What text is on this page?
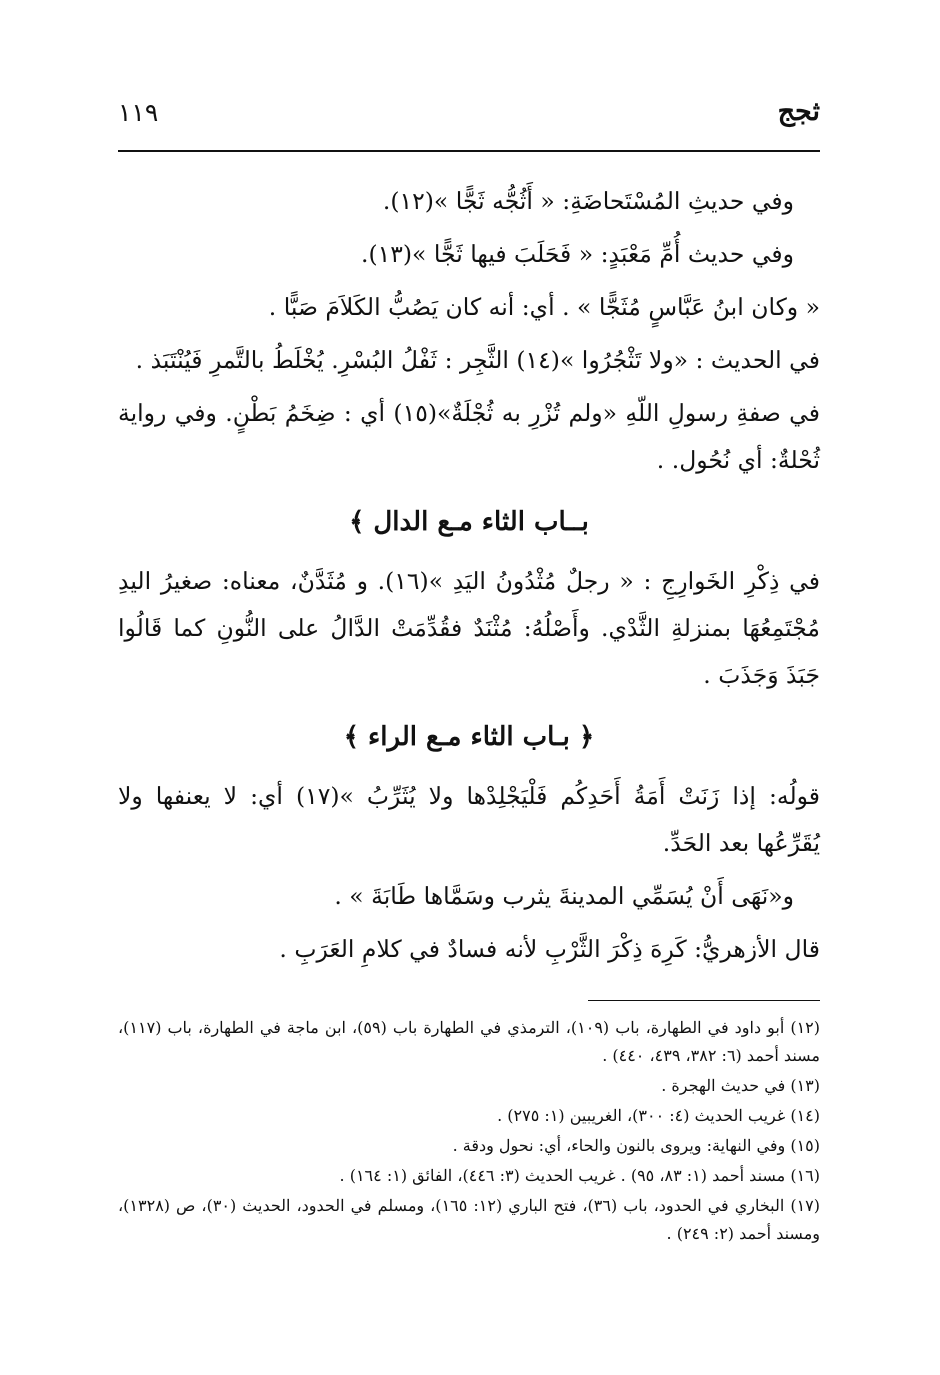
ثجج
١١٩

وفي حديثِ المُسْتَحاضَةِ: « أَثُجُّه ثَجًّا »(١٢).

وفي حديث أُمِّ مَعْبَدٍ: « فَحَلَبَ فيها ثَجًّا »(١٣).

« وكان ابنُ عَبَّاسٍ مُثَجًّا » . أي: أنه كان يَصُبُّ الكَلاَمَ صَبًّا .

في الحديث : «ولا تَثْجُرُوا »(١٤) الثَّجِر : ثَفْلُ البُسْرِ. يُخْلَطُ بالتَّمرِ فَيُنْتَبَذ .

في صفةِ رسولِ اللّهِ «ولم تُزْرِ به ثُجْلَةٌ»(١٥) أي : ضِخَمُ بَطْنٍ. وفي رواية ثُحْلةٌ: أي نُحُول. .

بــاب الثاء مـع الدال ﴾

في ذِكْرِ الخَوارِجِ : « رجلٌ مُثْدُونُ اليَدِ »(١٦). و مُثَدَّنٌ، معناه: صغيرُ اليدِ مُجْتَمِعُهَا بمنزلةِ الثَّدْي. وأَصْلُهُ: مُثْنَدٌ فقُدِّمَتْ الدَّالُ على النُّونِ كما قَالُوا جَبَذَ وَجَذَبَ .

﴿ بـاب الثاء مـع الراء ﴾

قولُه: إذا زَنَتْ أَمَةُ أَحَدِكُم فَلْيَجْلِدْها ولا يُثَرِّبُ »(١٧) أي: لا يعنفها ولا يُقَرِّعُها بعد الحَدِّ.

و«نَهَى أَنْ يُسَمِّي المدينةَ يثرب وسَمَّاها طَابَةَ » .

قال الأزهريُّ: كَرِهَ ذِكْرَ الثَّرْبِ لأنه فسادٌ في كلامِ العَرَبِ .

(١٢) أبو داود في الطهارة، باب (١٠٩)، الترمذي في الطهارة باب (٥٩)، ابن ماجة في الطهارة، باب (١١٧)، مسند أحمد (٦: ٣٨٢، ٤٣٩، ٤٤٠) .

(١٣) في حديث الهجرة .

(١٤) غريب الحديث (٤: ٣٠٠)، الغريبين (١: ٢٧٥) .

(١٥) وفي النهاية: ويروى بالنون والحاء، أي: نحول ودقة .

(١٦) مسند أحمد (١: ٨٣، ٩٥) . غريب الحديث (٣: ٤٤٦)، الفائق (١: ١٦٤) .

(١٧) البخاري في الحدود، باب (٣٦)، فتح الباري (١٢: ١٦٥)، ومسلم في الحدود، الحديث (٣٠)، ص (١٣٢٨)، ومسند أحمد (٢: ٢٤٩) .
